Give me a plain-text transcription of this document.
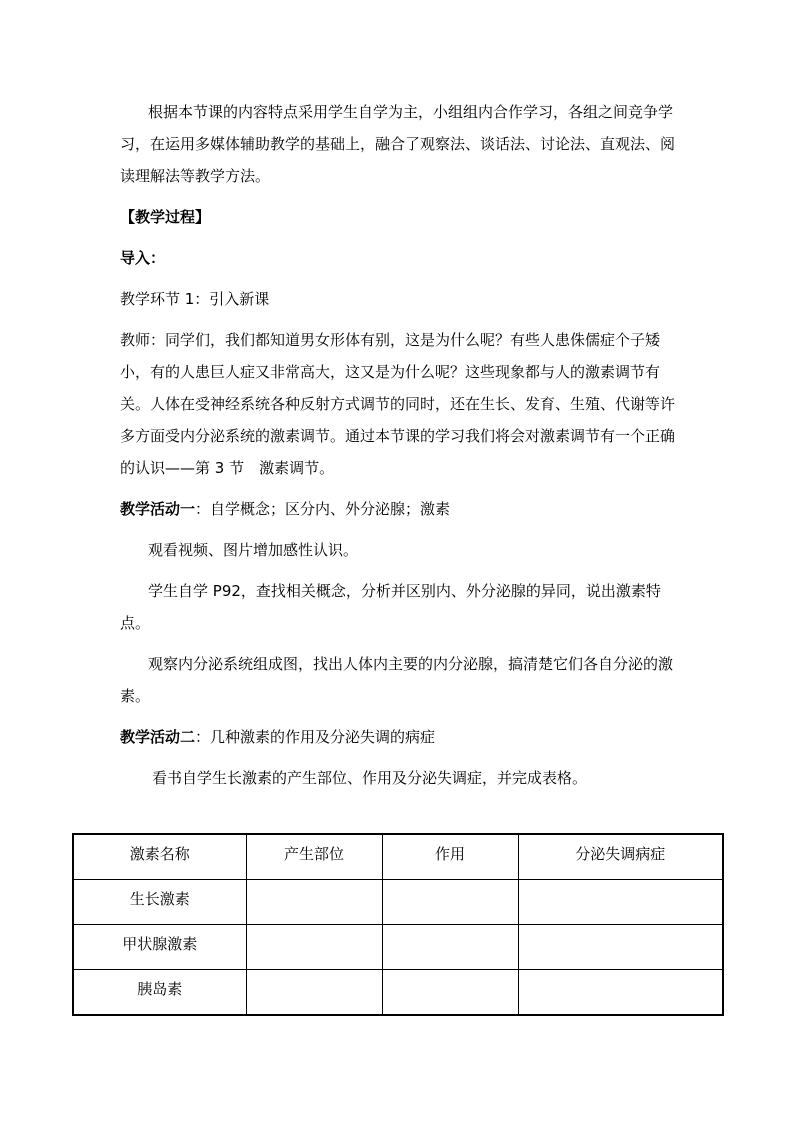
根据本节课的内容特点采用学生自学为主，小组组内合作学习，各组之间竞争学习，在运用多媒体辅助教学的基础上，融合了观察法、谈话法、讨论法、直观法、阅读理解法等教学方法。

【教学过程】

导入：

教学环节 1：引入新课

教师：同学们，我们都知道男女形体有别，这是为什么呢？有些人患侏儒症个子矮小，有的人患巨人症又非常高大，这又是为什么呢？这些现象都与人的激素调节有关。人体在受神经系统各种反射方式调节的同时，还在生长、发育、生殖、代谢等许多方面受内分泌系统的激素调节。通过本节课的学习我们将会对激素调节有一个正确的认识——第 3 节　激素调节。

教学活动一：自学概念；区分内、外分泌腺；激素

观看视频、图片增加感性认识。

学生自学 P92，查找相关概念，分析并区别内、外分泌腺的异同，说出激素特点。

观察内分泌系统组成图，找出人体内主要的内分泌腺，搞清楚它们各自分泌的激素。

教学活动二：几种激素的作用及分泌失调的病症

看书自学生长激素的产生部位、作用及分泌失调症，并完成表格。

激素名称	产生部位	作用	分泌失调病症
生长激素			
甲状腺激素			
胰岛素			
